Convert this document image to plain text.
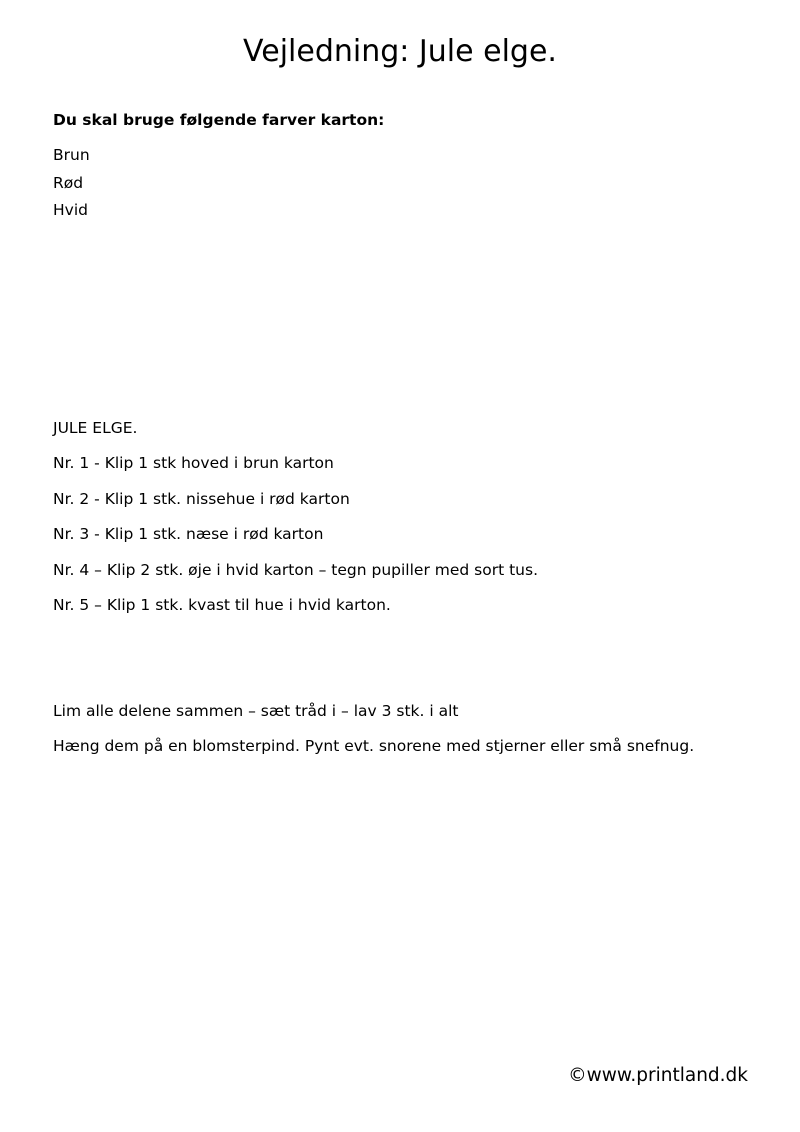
Vejledning: Jule elge.

Du skal bruge følgende farver karton:

Brun
Rød
Hvid

JULE ELGE.

Nr. 1 - Klip 1 stk hoved i brun karton
Nr. 2 - Klip 1 stk. nissehue i rød karton
Nr. 3 - Klip 1 stk. næse i rød karton
Nr. 4 – Klip 2 stk. øje i hvid karton – tegn pupiller med sort tus.
Nr. 5 – Klip 1 stk. kvast til hue i hvid karton.

Lim alle delene sammen – sæt tråd i – lav 3 stk. i alt

Hæng dem på en blomsterpind. Pynt evt. snorene med stjerner eller små snefnug.

©www.printland.dk
